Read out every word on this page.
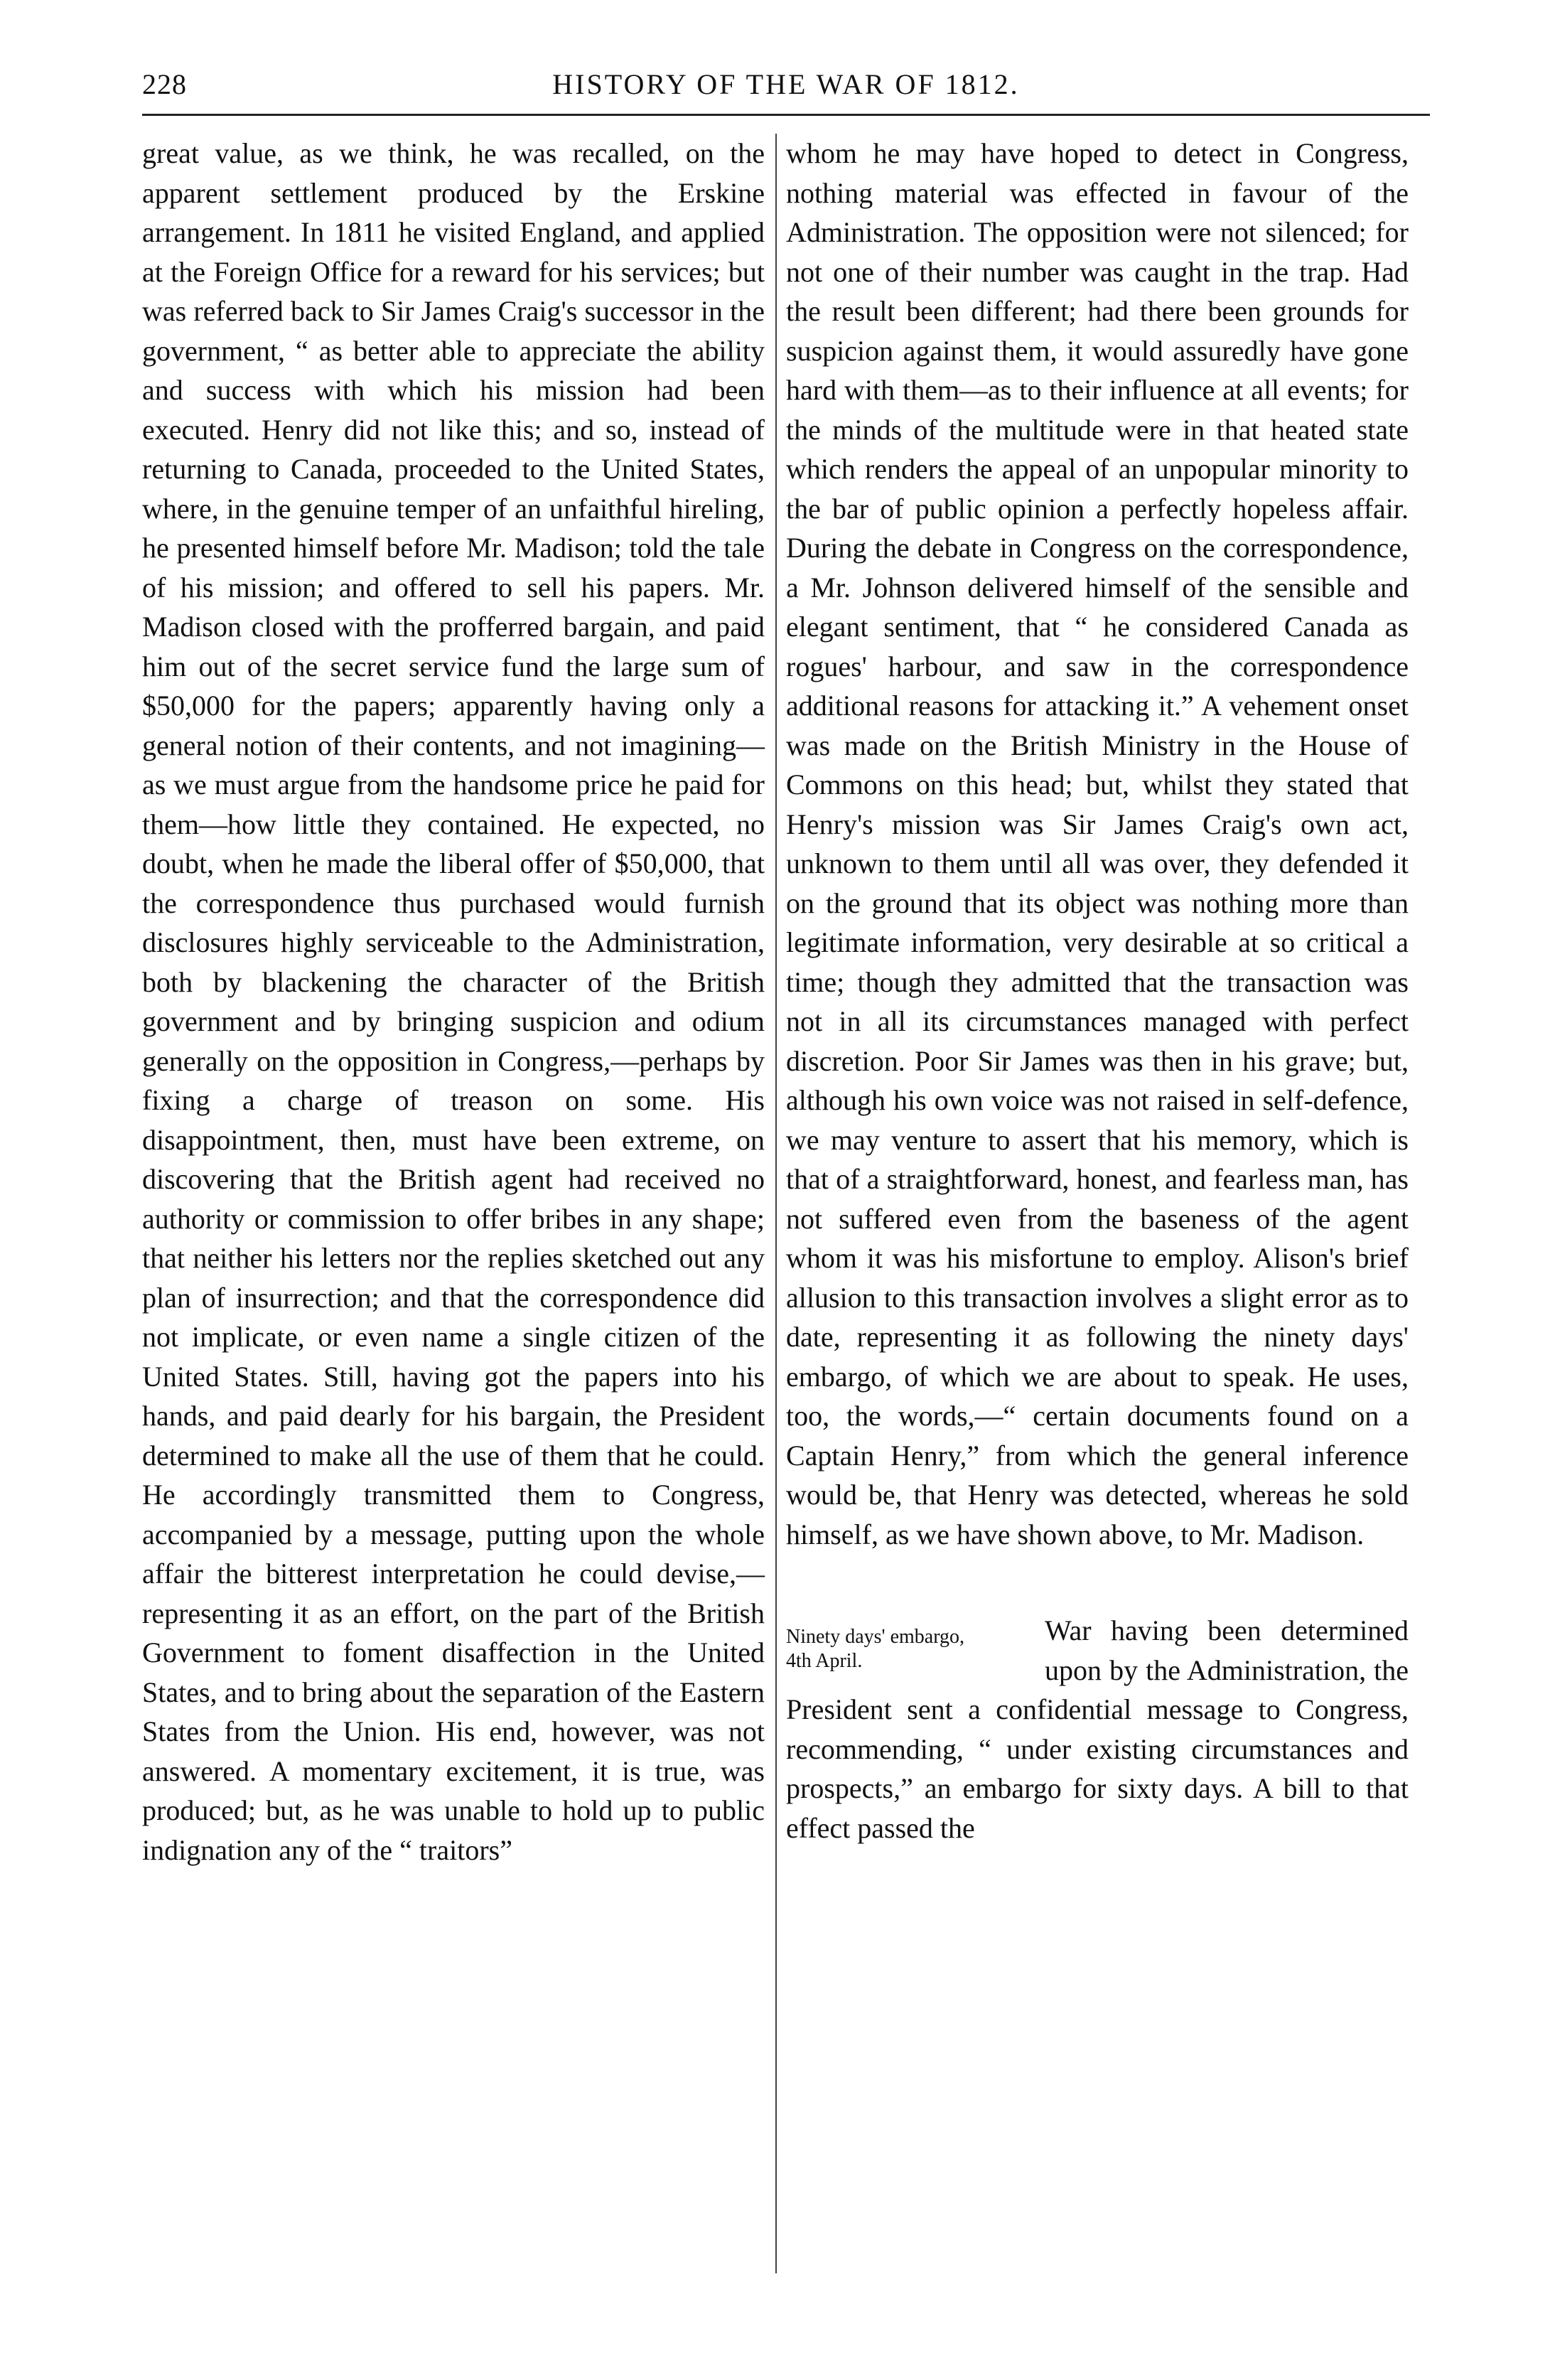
228	HISTORY OF THE WAR OF 1812.

great value, as we think, he was recalled, on the apparent settlement produced by the Erskine arrangement. In 1811 he visited England, and applied at the Foreign Office for a reward for his services; but was referred back to Sir James Craig's successor in the government, “ as better able to appreciate the ability and success with which his mission had been executed. Henry did not like this; and so, instead of returning to Canada, proceeded to the United States, where, in the genuine temper of an unfaithful hireling, he presented himself before Mr. Madison; told the tale of his mission; and offered to sell his papers. Mr. Madison closed with the profferred bargain, and paid him out of the secret service fund the large sum of $50,000 for the papers; apparently having only a general notion of their contents, and not imagining—as we must argue from the handsome price he paid for them—how little they contained. He expected, no doubt, when he made the liberal offer of $50,000, that the correspondence thus purchased would furnish disclosures highly serviceable to the Administration, both by blackening the character of the British government and by bringing suspicion and odium generally on the opposition in Congress,—perhaps by fixing a charge of treason on some. His disappointment, then, must have been extreme, on discovering that the British agent had received no authority or commission to offer bribes in any shape; that neither his letters nor the replies sketched out any plan of insurrection; and that the correspondence did not implicate, or even name a single citizen of the United States. Still, having got the papers into his hands, and paid dearly for his bargain, the President determined to make all the use of them that he could. He accordingly transmitted them to Congress, accompanied by a message, putting upon the whole affair the bitterest interpretation he could devise,—representing it as an effort, on the part of the British Government to foment disaffection in the United States, and to bring about the separation of the Eastern States from the Union. His end, however, was not answered. A momentary excitement, it is true, was produced; but, as he was unable to hold up to public indignation any of the “ traitors”

whom he may have hoped to detect in Congress, nothing material was effected in favour of the Administration. The opposition were not silenced; for not one of their number was caught in the trap. Had the result been different; had there been grounds for suspicion against them, it would assuredly have gone hard with them—as to their influence at all events; for the minds of the multitude were in that heated state which renders the appeal of an unpopular minority to the bar of public opinion a perfectly hopeless affair. During the debate in Congress on the correspondence, a Mr. Johnson delivered himself of the sensible and elegant sentiment, that “ he considered Canada as rogues' harbour, and saw in the correspondence additional reasons for attacking it.” A vehement onset was made on the British Ministry in the House of Commons on this head; but, whilst they stated that Henry's mission was Sir James Craig's own act, unknown to them until all was over, they defended it on the ground that its object was nothing more than legitimate information, very desirable at so critical a time; though they admitted that the transaction was not in all its circumstances managed with perfect discretion. Poor Sir James was then in his grave; but, although his own voice was not raised in self-defence, we may venture to assert that his memory, which is that of a straightforward, honest, and fearless man, has not suffered even from the baseness of the agent whom it was his misfortune to employ. Alison's brief allusion to this transaction involves a slight error as to date, representing it as following the ninety days' embargo, of which we are about to speak. He uses, too, the words,—“ certain documents found on a Captain Henry,” from which the general inference would be, that Henry was detected, whereas he sold himself, as we have shown above, to Mr. Madison.

Ninety days' embargo,
4th April.

War having been determined upon by the Administration, the President sent a confidential message to Congress, recommending, “ under existing circumstances and prospects,” an embargo for sixty days. A bill to that effect passed the
